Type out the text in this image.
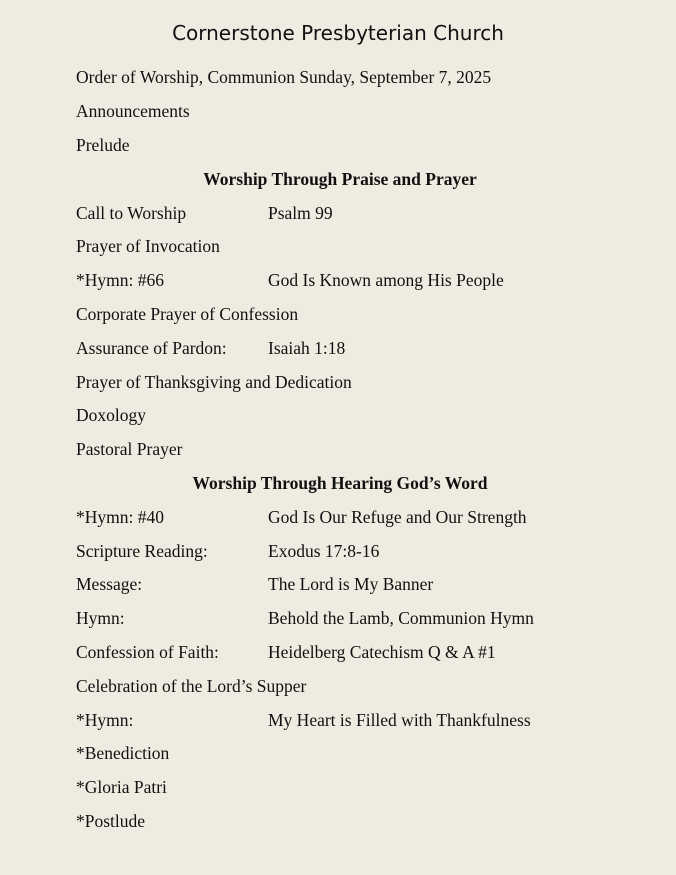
Cornerstone Presbyterian Church
Order of Worship, Communion Sunday, September 7, 2025
Announcements
Prelude
Worship Through Praise and Prayer
Call to Worship	Psalm 99
Prayer of Invocation
*Hymn: #66	God Is Known among His People
Corporate Prayer of Confession
Assurance of Pardon: Isaiah 1:18
Prayer of Thanksgiving and Dedication
Doxology
Pastoral Prayer
Worship Through Hearing God’s Word
*Hymn: #40	God Is Our Refuge and Our Strength
Scripture Reading:	Exodus 17:8-16
Message:	The Lord is My Banner
Hymn:	Behold the Lamb, Communion Hymn
Confession of Faith:	Heidelberg Catechism Q & A #1
Celebration of the Lord’s Supper
*Hymn:	My Heart is Filled with Thankfulness
*Benediction
*Gloria Patri
*Postlude
